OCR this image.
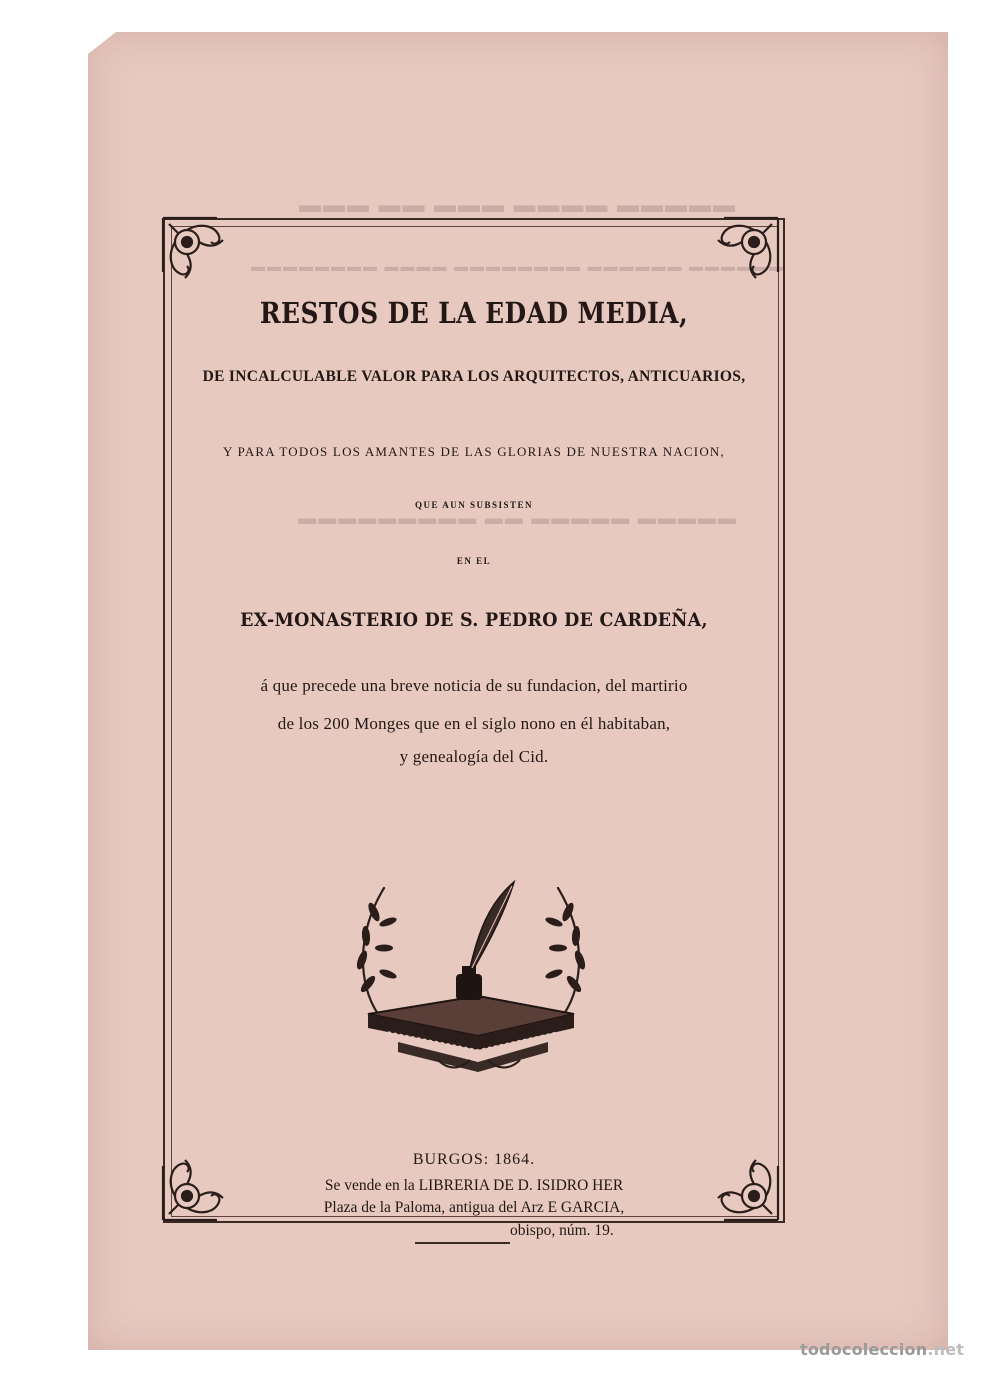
▬▬▬ ▬▬ ▬▬▬ ▬▬▬▬ ▬▬▬▬▬
▬▬▬▬▬▬▬▬ ▬▬▬▬ ▬▬▬▬▬▬▬▬ ▬▬▬▬▬▬ ▬▬▬▬▬▬
▬▬▬▬▬▬▬▬▬ ▬▬ ▬▬▬▬▬ ▬▬▬▬▬
RESTOS DE LA EDAD MEDIA,
DE INCALCULABLE VALOR PARA LOS ARQUITECTOS, ANTICUARIOS,
Y PARA TODOS LOS AMANTES DE LAS GLORIAS DE NUESTRA NACION,
QUE AUN SUBSISTEN
EN EL
EX-MONASTERIO DE S. PEDRO DE CARDEÑA,
á que precede una breve noticia de su fundacion, del martirio
de los 200 Monges que en el siglo nono en él habitaban,
y genealogía del Cid.
BURGOS: 1864.
Se vende en la LIBRERIA DE D. ISIDRO HER
Plaza de la Paloma, antigua del Arz E GARCIA,
obispo, núm. 19.
todocoleccion.net
